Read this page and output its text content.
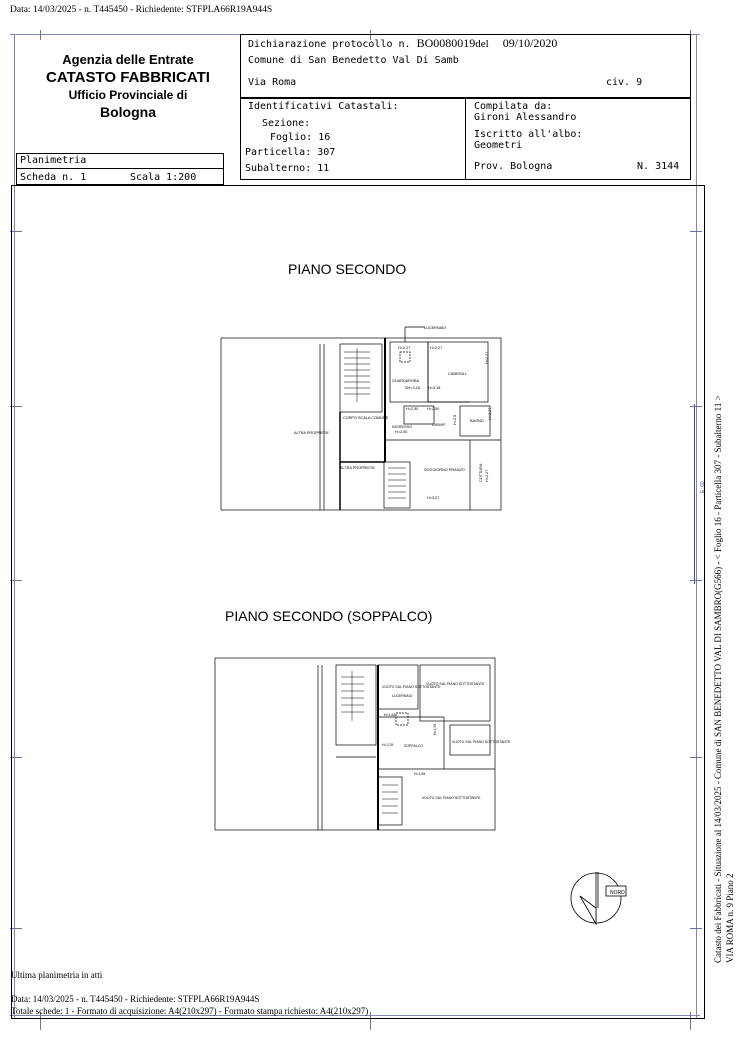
Data: 14/03/2025 - n. T445450 - Richiedente: STFPLA66R19A944S
Agenzia delle Entrate
CATASTO FABBRICATI
Ufficio Provinciale di
Bologna
Dichiarazione protocollo n. BO0080019del 09/10/2020
Comune di San Benedetto Val Di Samb
Via Roma	civ. 9
Identificativi Catastali:
Sezione:
Foglio: 16
Particella: 307
Subalterno: 11
Compilata da:
Gironi Alessandro
Iscritto all'albo:
Geometri
Prov. Bologna	N. 3144
Planimetria
Scheda n. 1	Scala 1:200
PIANO SECONDO
PIANO SECONDO (SOPPALCO)
LUCERNAIO
H=2,27	H=2,27
H=2,27
GUARDAROBA
SH=3,18 H=3,18
CAMERA L.
CORPO SCALA COMUNE
ALTRA PROPRIETA'
ALTRA PROPRIETA'
INGRESSO
H=2,50
H=2,50 H=2,50
DISIMP.
BAGNO
H=2,27
H=2,9
SOGGIORNO PRANZO	COTTURA H=2,27
H=3,27
VUOTO SUL PIANO SOTTOSTANTE
VUOTO SUL PIANO SOTTOSTANTE
LUCERNAIO
H=1,64
H=2,29
H=1,94
SOPPALCO
VUOTO SUL PIANO SOTTOSTANTE
H=1,84
VUOTO SUL PIANO SOTTOSTANTE
NORD	Catasto dei Fabbricati - Situazione al 14/03/2025 - Comune di SAN BENEDETTO VAL DI SAMBRO(G566) - < Foglio 16 - Particella 307 - Subalterno 11 > VIA ROMA n. 9 Piano 2
E: 60
Ultima planimetria in atti
Data: 14/03/2025 - n. T445450 - Richiedente: STFPLA66R19A944S
Totale schede: 1 - Formato di acquisizione: A4(210x297) - Formato stampa richiesto: A4(210x297)
